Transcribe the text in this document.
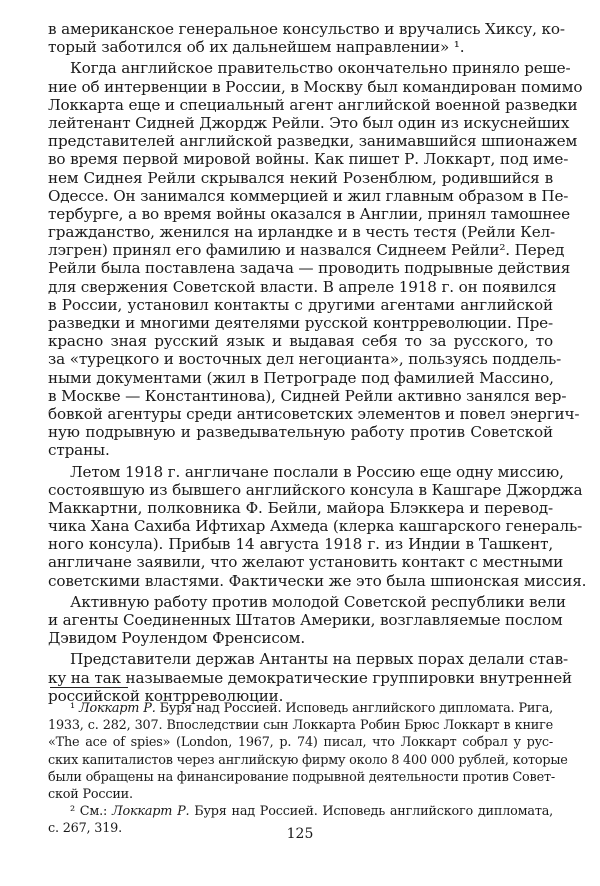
в американское генеральное консульство и вручались Хиксу, ко-
торый заботился об их дальнейшем направлении» ¹.
Когда английское правительство окончательно приняло реше-
ние об интервенции в России, в Москву был командирован помимо
Локкарта еще и специальный агент английской военной разведки
лейтенант Сидней Джордж Рейли. Это был один из искуснейших
представителей английской разведки, занимавшийся шпионажем
во время первой мировой войны. Как пишет Р. Локкарт, под име-
нем Сиднея Рейли скрывался некий Розенблюм, родившийся в
Одессе. Он занимался коммерцией и жил главным образом в Пе-
тербурге, а во время войны оказался в Англии, принял тамошнее
гражданство, женился на ирландке и в честь тестя (Рейли Кел-
лэгрен) принял его фамилию и назвался Сиднеем Рейли². Перед
Рейли была поставлена задача — проводить подрывные действия
для свержения Советской власти. В апреле 1918 г. он появился
в России, установил контакты с другими агентами английской
разведки и многими деятелями русской контрреволюции. Пре-
красно зная русский язык и выдавая себя то за русского, то
за «турецкого и восточных дел негоцианта», пользуясь поддель-
ными документами (жил в Петрограде под фамилией Массино,
в Москве — Константинова), Сидней Рейли активно занялся вер-
бовкой агентуры среди антисоветских элементов и повел энергич-
ную подрывную и разведывательную работу против Советской
страны.
Летом 1918 г. англичане послали в Россию еще одну миссию,
состоявшую из бывшего английского консула в Кашгаре Джорджа
Маккартни, полковника Ф. Бейли, майора Блэккера и перевод-
чика Хана Сахиба Ифтихар Ахмеда (клерка кашгарского генераль-
ного консула). Прибыв 14 августа 1918 г. из Индии в Ташкент,
англичане заявили, что желают установить контакт с местными
советскими властями. Фактически же это была шпионская миссия.
Активную работу против молодой Советской республики вели
и агенты Соединенных Штатов Америки, возглавляемые послом
Дэвидом Роулендом Френсисом.
Представители держав Антанты на первых порах делали став-
ку на так называемые демократические группировки внутренней
российской контрреволюции.
¹ Локкарт Р. Буря над Россией. Исповедь английского дипломата. Рига,
1933, с. 282, 307. Впоследствии сын Локкарта Робин Брюс Локкарт в книге
«The ace of spies» (London, 1967, p. 74) писал, что Локкарт собрал у рус-
ских капиталистов через английскую фирму около 8 400 000 рублей, которые
были обращены на финансирование подрывной деятельности против Совет-
ской России.
² См.: Локкарт Р. Буря над Россией. Исповедь английского дипломата,
с. 267, 319.	125
